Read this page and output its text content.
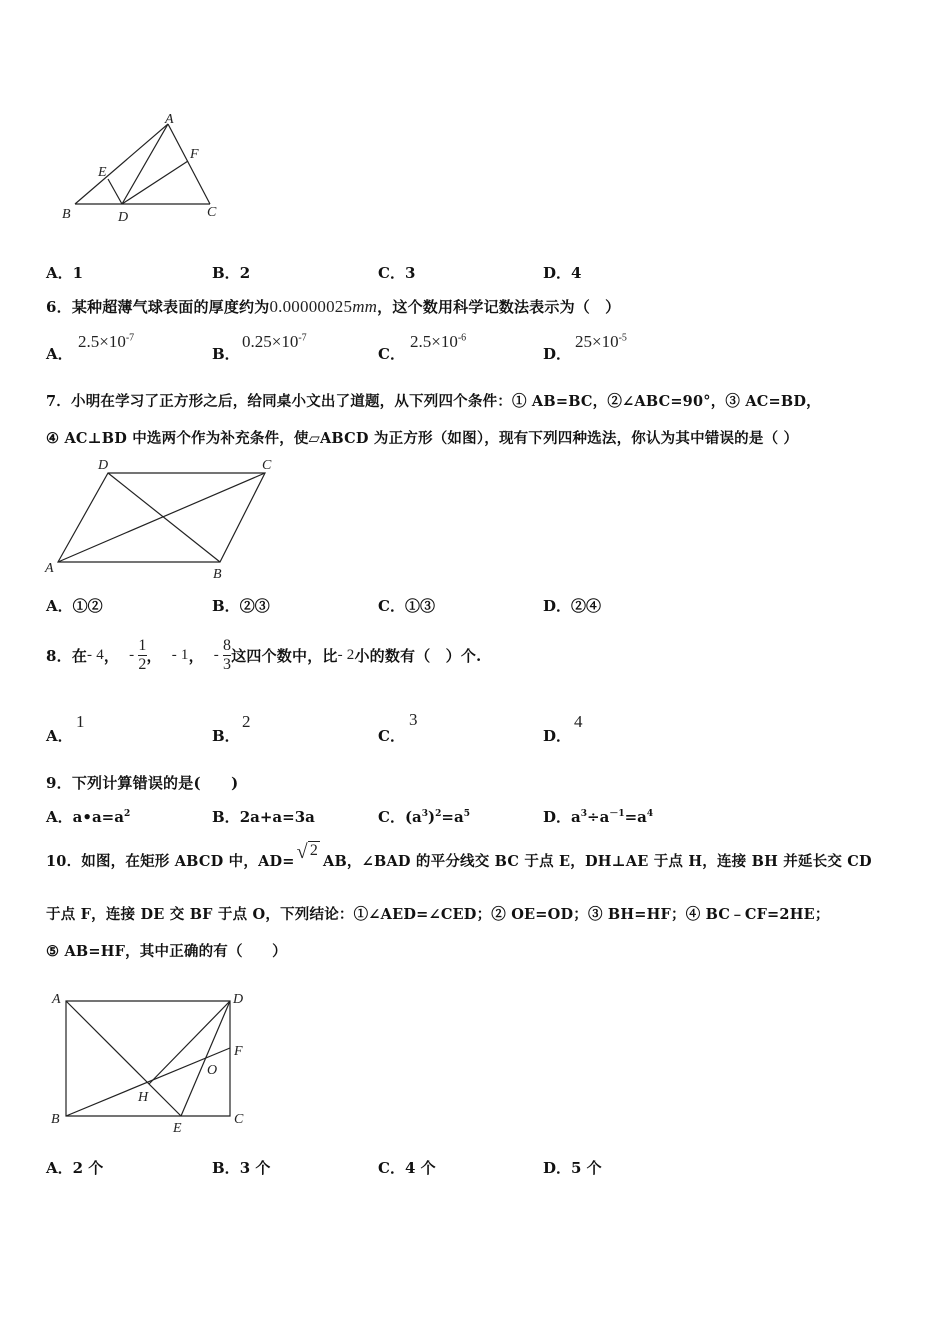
A
B	C
D
E
F
A．1	B．2	C．3	D．4
6．某种超薄气球表面的厚度约为0.00000025mm，这个数用科学记数法表示为（　）
A．
$2.5\times 10^{-7}$
B．
$0.25\times 10^{-7}$
C．
$2.5\times 10^{-6}$
D．
$25\times 10^{-5}$
7．小明在学习了正方形之后，给同桌小文出了道题，从下列四个条件：① AB=BC，②∠ABC=90°，③ AC=BD，
④ AC⊥BD 中选两个作为补充条件，使▱ABCD 为正方形（如图），现有下列四种选法，你认为其中错误的是（ ）
A	B
C
D
A．①②	B．②③	C．①③	D．②④
8．在 - 4 ， - $\frac{1}{2}$ ， - 1 ， - $\frac{8}{3}$ 这四个数中，比 - 2 小的数有（　）个.
A．
1
B．
2
C．
3
D．
4
9．下列计算错误的是(　　)
A．$a•a=a^2$	B．2a+a=3a	C．$(a^3)^2=a^5$	D．$a^3\div a^{-1}=a^4$
10．如图，在矩形 ABCD 中，AD= √ 2
AB，∠BAD 的平分线交 BC 于点 E，DH⊥AE 于点 H，连接 BH 并延长交 CD
于点 F，连接 DE 交 BF 于点 O，下列结论：①∠AED=∠CED；② OE=OD；③ BH=HF；④ BC﹣CF=2HE；
⑤ AB=HF，其中正确的有（　　）
A
B	C
D
E
F
H
O
A．2 个	B．3 个	C．4 个	D．5 个
